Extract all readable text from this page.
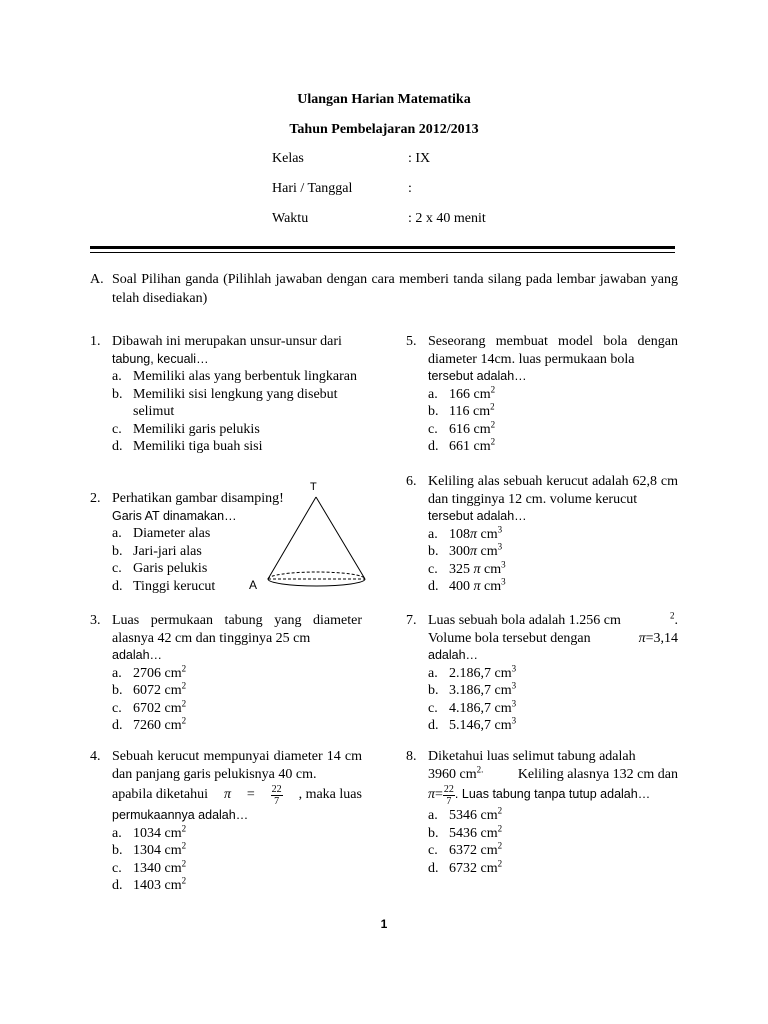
Ulangan Harian Matematika
Tahun Pembelajaran 2012/2013
Kelas	: IX
Hari / Tanggal	:
Waktu	: 2 x 40 menit
A. Soal Pilihan ganda (Pilihlah jawaban dengan cara memberi tanda silang pada lembar jawaban yang telah disediakan)
1. Dibawah ini merupakan unsur-unsur dari
tabung, kecuali…
a. Memiliki alas yang berbentuk lingkaran
b. Memiliki sisi lengkung yang disebut selimut
c. Memiliki garis pelukis
d. Memiliki tiga buah sisi
2. Perhatikan gambar disamping!
Garis AT dinamakan…
a. Diameter alas
b. Jari-jari alas
c. Garis pelukis
d. Tinggi kerucut
T
A
3. Luas permukaan tabung yang diameter alasnya 42 cm dan tingginya 25 cm
adalah…
a. 2706 $cm^2$
b. 6072 $cm^2$
c. 6702 $cm^2$
d. 7260 $cm^2$
4. Sebuah kerucut mempunyai diameter 14 cm dan panjang garis pelukisnya 40 cm.

apabila diketahui $\pi = \frac{22}{7}$ , maka luas
permukaannya adalah…
a. 1034 $cm^2$
b. 1304 $cm^2$
c. 1340 $cm^2$
d. 1403 $cm^2$
5. Seseorang membuat model bola dengan diameter 14cm. luas permukaan bola
tersebut adalah…
a. 166 $cm^2$
b. 116 $cm^2$
c. 616 $cm^2$
d. 661 $cm^2$
6. Keliling alas sebuah kerucut adalah 62,8 cm dan tingginya 12 cm. volume kerucut
tersebut adalah…
a. 108π $cm^3$
b. 300π $cm^3$
c. 325 π $cm^3$
d. 400 π $cm^3$
7. Luas sebuah bola adalah 1.256 cm	$^2$.
Volume bola tersebut dengan	π=3,14
adalah…
a. 2.186,7 $cm^3$
b. 3.186,7 $cm^3$
c. 4.186,7 $cm^3$
d. 5.146,7 $cm^3$
8. Diketahui luas selimut tabung adalah

3960 $cm^{2.}$ Keliling alasnya 132 cm dan
$\pi = \frac{22}{7}$ . Luas tabung tanpa tutup adalah…
a. 5346 $cm^2$
b. 5436 $cm^2$
c. 6372 $cm^2$
d. 6732 $cm^2$
1
